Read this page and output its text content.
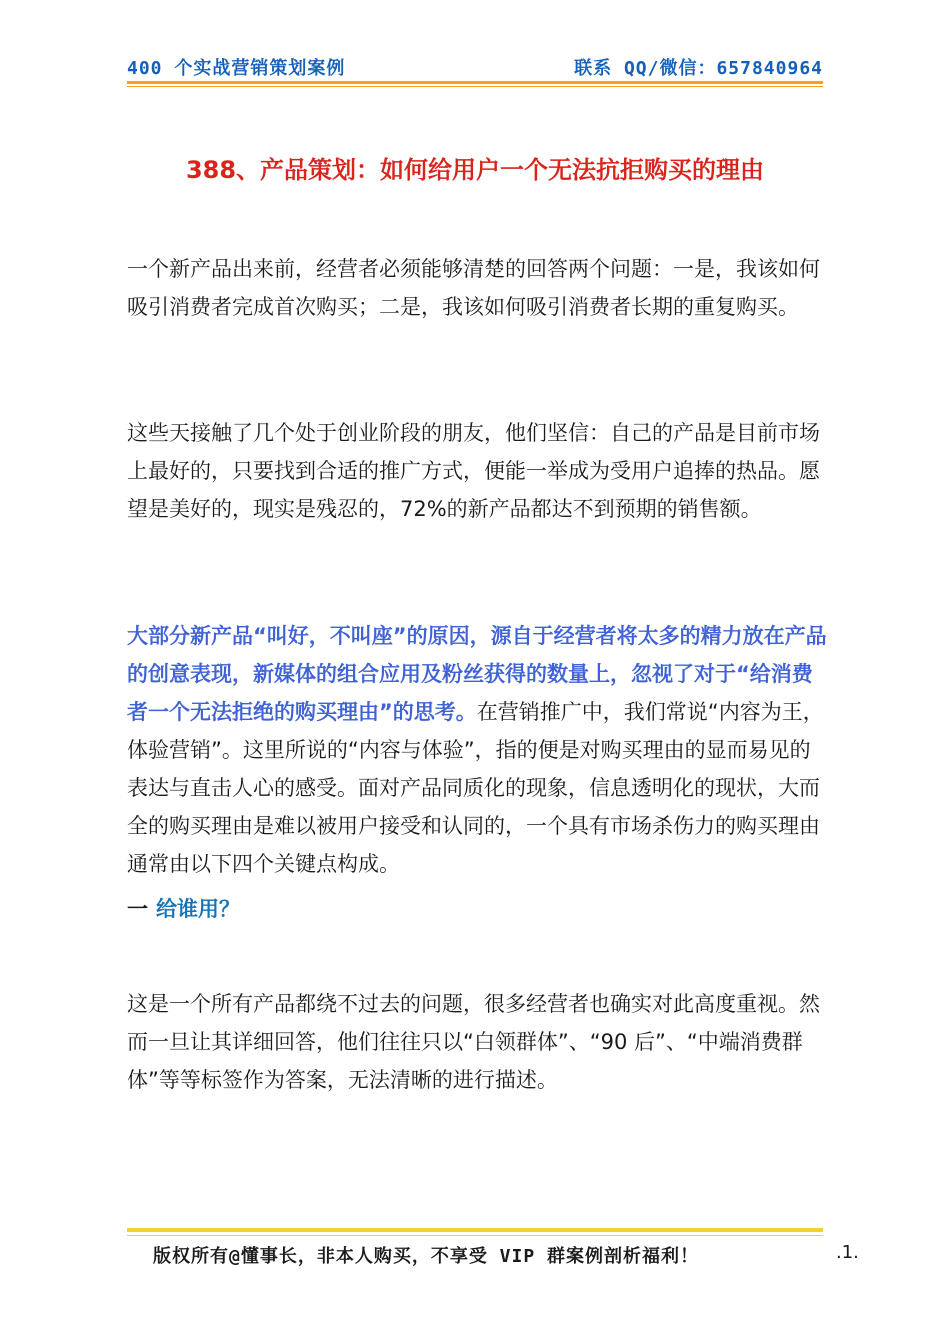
400 个实战营销策划案例	联系 QQ/微信：657840964
388、产品策划：如何给用户一个无法抗拒购买的理由

一个新产品出来前，经营者必须能够清楚的回答两个问题：一是，我该如何吸引消费者完成首次购买；二是，我该如何吸引消费者长期的重复购买。

这些天接触了几个处于创业阶段的朋友，他们坚信：自己的产品是目前市场上最好的，只要找到合适的推广方式，便能一举成为受用户追捧的热品。愿望是美好的，现实是残忍的，72%的新产品都达不到预期的销售额。

大部分新产品“叫好，不叫座”的原因，源自于经营者将太多的精力放在产品的创意表现，新媒体的组合应用及粉丝获得的数量上，忽视了对于“给消费者一个无法拒绝的购买理由”的思考。在营销推广中，我们常说“内容为王，体验营销”。这里所说的“内容与体验”，指的便是对购买理由的显而易见的表达与直击人心的感受。面对产品同质化的现象，信息透明化的现状，大而全的购买理由是难以被用户接受和认同的，一个具有市场杀伤力的购买理由通常由以下四个关键点构成。

一 给谁用？

这是一个所有产品都绕不过去的问题，很多经营者也确实对此高度重视。然而一旦让其详细回答，他们往往只以“白领群体”、“90 后”、“中端消费群体”等等标签作为答案，无法清晰的进行描述。

版权所有@懂事长，非本人购买，不享受 VIP 群案例剖析福利！	.1.
